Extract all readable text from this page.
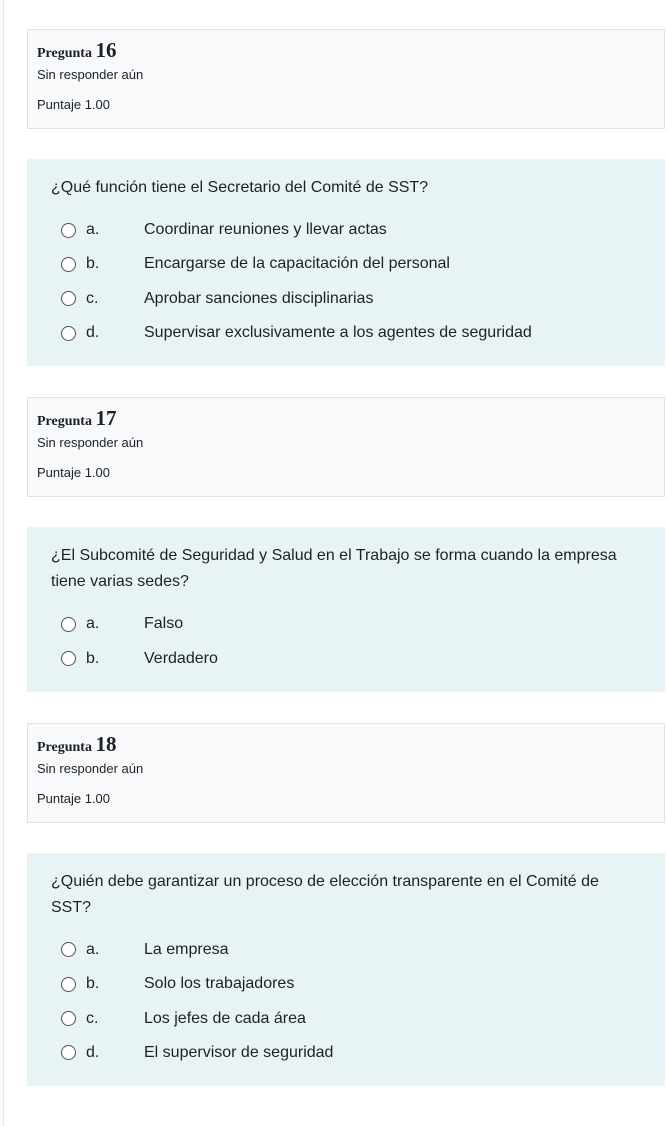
Pregunta 16
Sin responder aún
Puntaje 1.00
¿Qué función tiene el Secretario del Comité de SST?
a.	Coordinar reuniones y llevar actas
b.	Encargarse de la capacitación del personal
c.	Aprobar sanciones disciplinarias
d.	Supervisar exclusivamente a los agentes de seguridad
Pregunta 17
Sin responder aún
Puntaje 1.00
¿El Subcomité de Seguridad y Salud en el Trabajo se forma cuando la empresa tiene varias sedes?
a.	Falso
b.	Verdadero
Pregunta 18
Sin responder aún
Puntaje 1.00
¿Quién debe garantizar un proceso de elección transparente en el Comité de SST?
a.	La empresa
b.	Solo los trabajadores
c.	Los jefes de cada área
d.	El supervisor de seguridad
